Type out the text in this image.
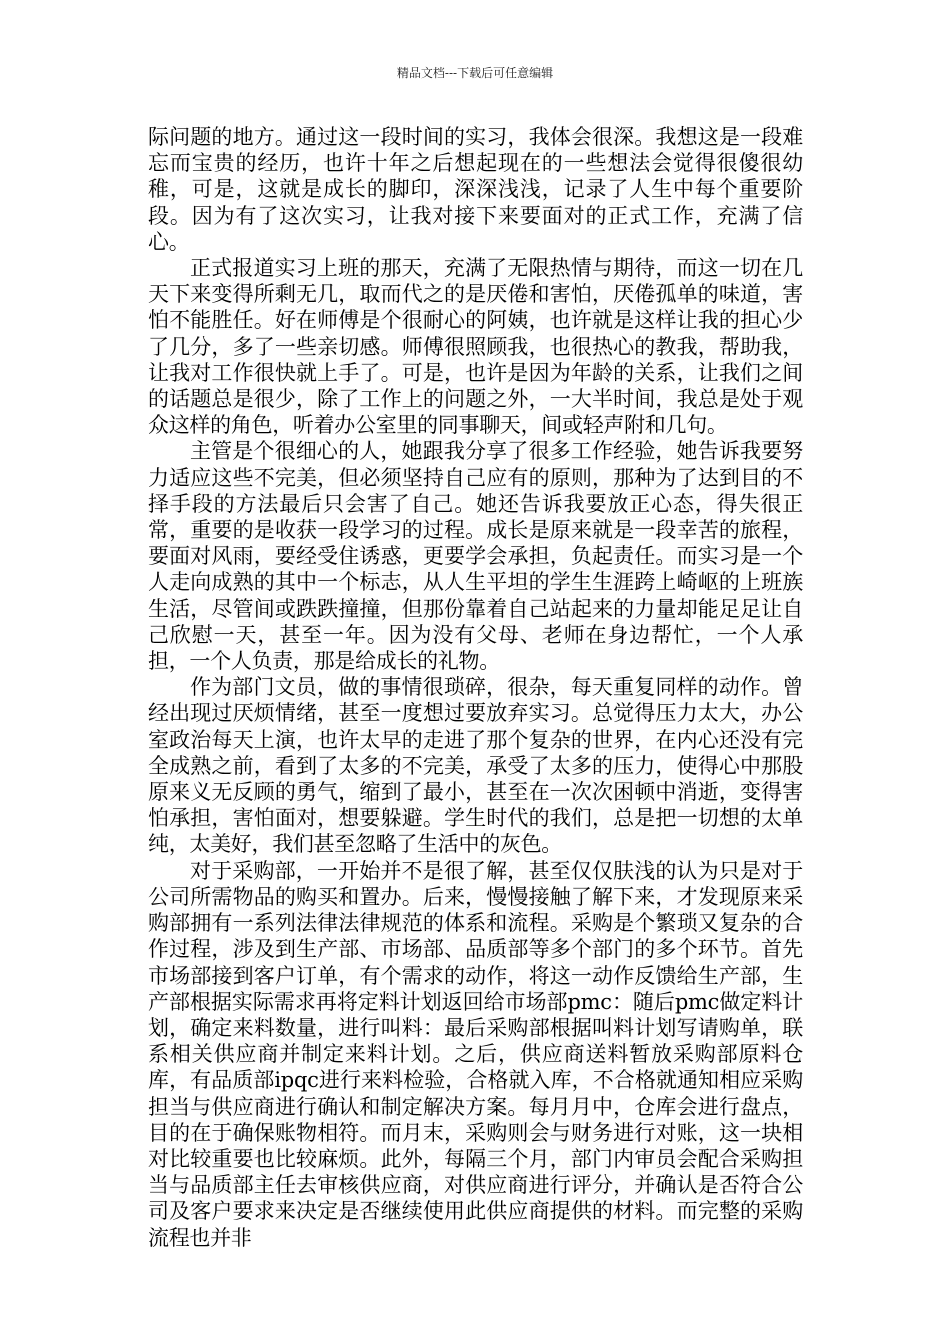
精品文档---下载后可任意编辑

际问题的地方。通过这一段时间的实习，我体会很深。我想这是一段难忘而宝贵的经历，也许十年之后想起现在的一些想法会觉得很傻很幼稚，可是，这就是成长的脚印，深深浅浅，记录了人生中每个重要阶段。因为有了这次实习，让我对接下来要面对的正式工作，充满了信心。

正式报道实习上班的那天，充满了无限热情与期待，而这一切在几天下来变得所剩无几，取而代之的是厌倦和害怕，厌倦孤单的味道，害怕不能胜任。好在师傅是个很耐心的阿姨，也许就是这样让我的担心少了几分，多了一些亲切感。师傅很照顾我，也很热心的教我，帮助我，让我对工作很快就上手了。可是，也许是因为年龄的关系，让我们之间的话题总是很少，除了工作上的问题之外，一大半时间，我总是处于观众这样的角色，听着办公室里的同事聊天，间或轻声附和几句。

主管是个很细心的人，她跟我分享了很多工作经验，她告诉我要努力适应这些不完美，但必须坚持自己应有的原则，那种为了达到目的不择手段的方法最后只会害了自己。她还告诉我要放正心态，得失很正常，重要的是收获一段学习的过程。成长是原来就是一段幸苦的旅程，要面对风雨，要经受住诱惑，更要学会承担，负起责任。而实习是一个人走向成熟的其中一个标志，从人生平坦的学生生涯跨上崎岖的上班族生活，尽管间或跌跌撞撞，但那份靠着自己站起来的力量却能足足让自己欣慰一天，甚至一年。因为没有父母、老师在身边帮忙，一个人承担，一个人负责，那是给成长的礼物。

作为部门文员，做的事情很琐碎，很杂，每天重复同样的动作。曾经出现过厌烦情绪，甚至一度想过要放弃实习。总觉得压力太大，办公室政治每天上演，也许太早的走进了那个复杂的世界，在内心还没有完全成熟之前，看到了太多的不完美，承受了太多的压力，使得心中那股原来义无反顾的勇气，缩到了最小，甚至在一次次困顿中消逝，变得害怕承担，害怕面对，想要躲避。学生时代的我们，总是把一切想的太单纯，太美好，我们甚至忽略了生活中的灰色。

对于采购部，一开始并不是很了解，甚至仅仅肤浅的认为只是对于公司所需物品的购买和置办。后来，慢慢接触了解下来，才发现原来采购部拥有一系列法律法律规范的体系和流程。采购是个繁琐又复杂的合作过程，涉及到生产部、市场部、品质部等多个部门的多个环节。首先市场部接到客户订单，有个需求的动作，将这一动作反馈给生产部，生产部根据实际需求再将定料计划返回给市场部pmc：随后pmc做定料计划，确定来料数量，进行叫料：最后采购部根据叫料计划写请购单，联系相关供应商并制定来料计划。之后，供应商送料暂放采购部原料仓库，有品质部ipqc进行来料检验，合格就入库，不合格就通知相应采购担当与供应商进行确认和制定解决方案。每月月中，仓库会进行盘点，目的在于确保账物相符。而月末，采购则会与财务进行对账，这一块相对比较重要也比较麻烦。此外，每隔三个月，部门内审员会配合采购担当与品质部主任去审核供应商，对供应商进行评分，并确认是否符合公司及客户要求来决定是否继续使用此供应商提供的材料。而完整的采购流程也并非
